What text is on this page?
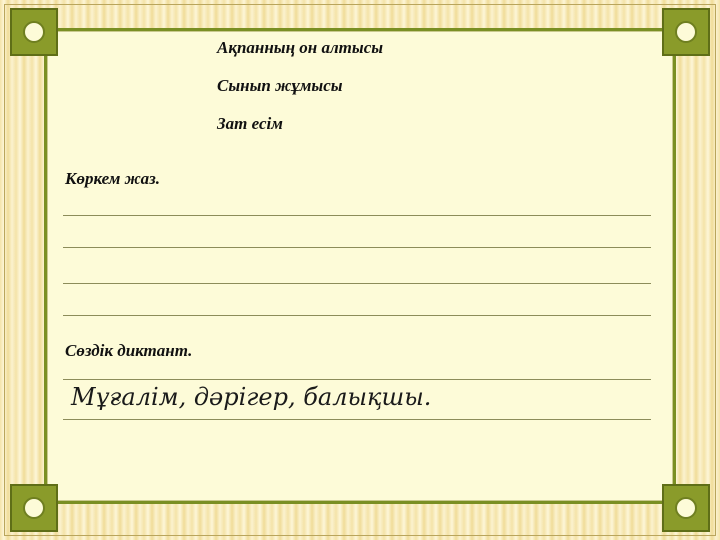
Ақпанның он алтысы
Сынып жұмысы
Зат есім
Көркем жаз.
Сөздік диктант.
Мұғалім, дәрігер, балықшы.
